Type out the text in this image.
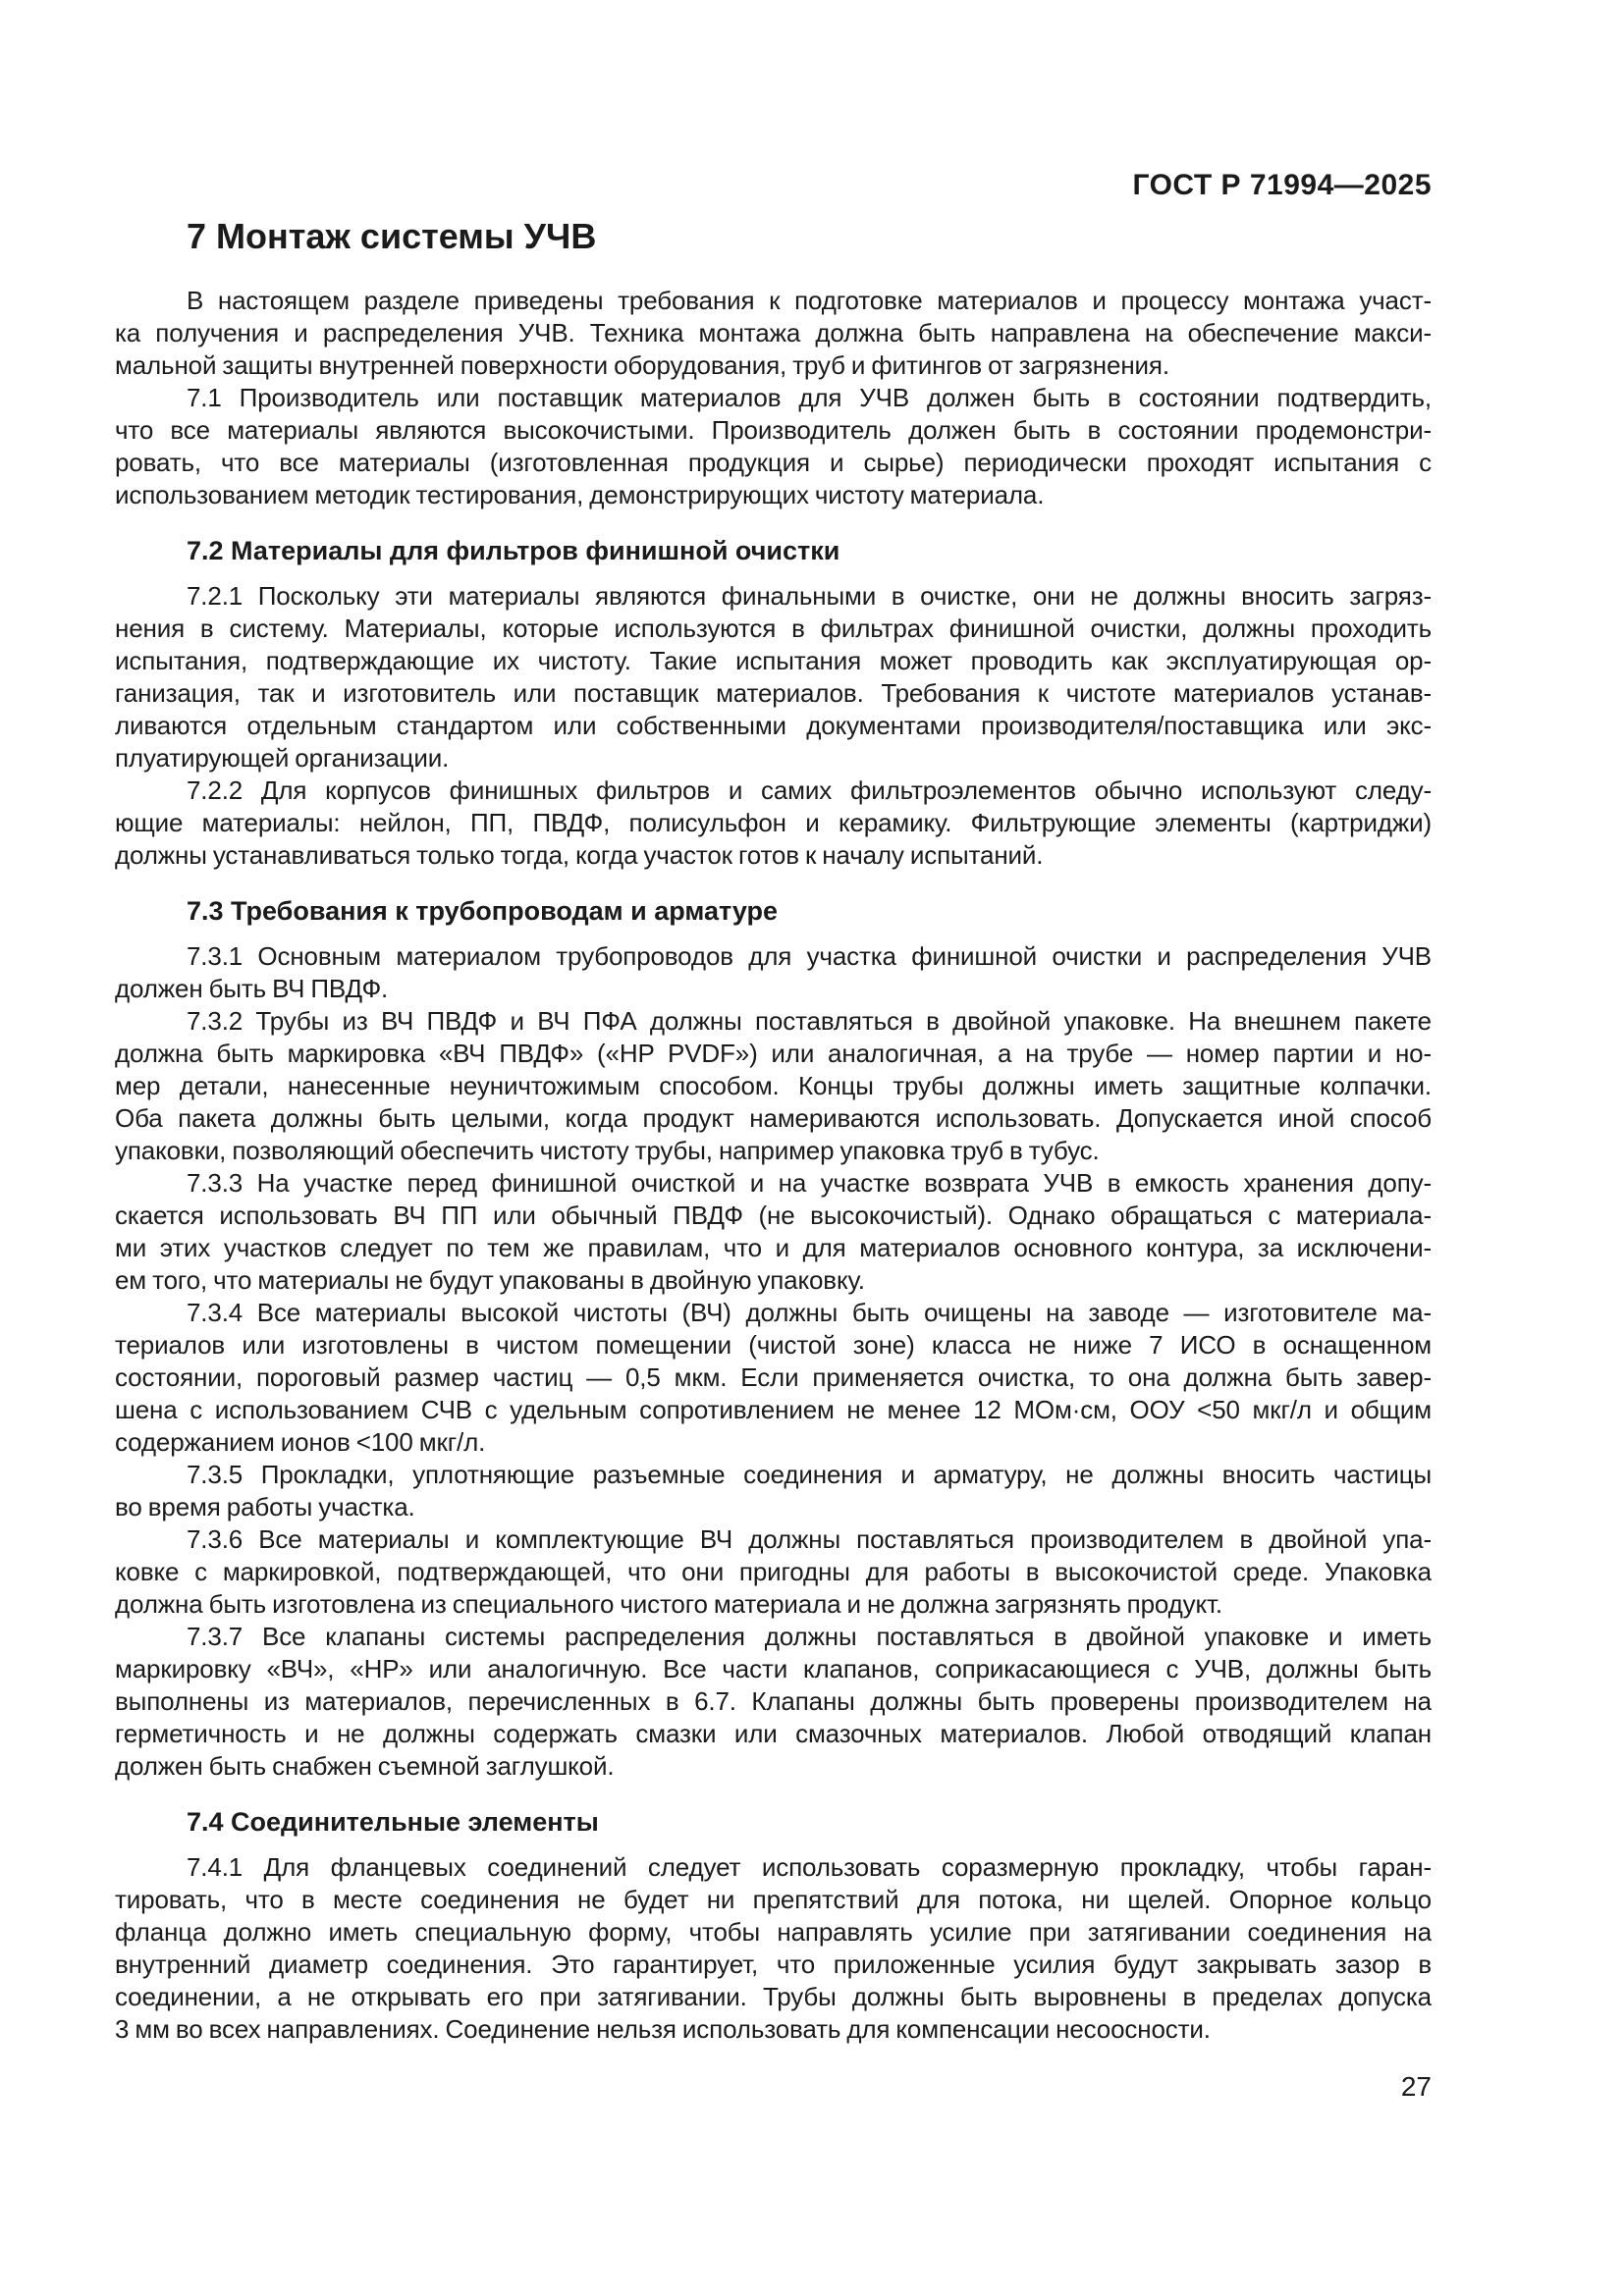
ГОСТ Р 71994—2025
7 Монтаж системы УЧВ
В настоящем разделе приведены требования к подготовке материалов и процессу монтажа участ-
ка получения и распределения УЧВ. Техника монтажа должна быть направлена на обеспечение макси-
мальной защиты внутренней поверхности оборудования, труб и фитингов от загрязнения.
7.1 Производитель или поставщик материалов для УЧВ должен быть в состоянии подтвердить,
что все материалы являются высокочистыми. Производитель должен быть в состоянии продемонстри-
ровать, что все материалы (изготовленная продукция и сырье) периодически проходят испытания с
использованием методик тестирования, демонстрирующих чистоту материала.
7.2 Материалы для фильтров финишной очистки
7.2.1 Поскольку эти материалы являются финальными в очистке, они не должны вносить загряз-
нения в систему. Материалы, которые используются в фильтрах финишной очистки, должны проходить
испытания, подтверждающие их чистоту. Такие испытания может проводить как эксплуатирующая ор-
ганизация, так и изготовитель или поставщик материалов. Требования к чистоте материалов устанав-
ливаются отдельным стандартом или собственными документами производителя/поставщика или экс-
плуатирующей организации.
7.2.2 Для корпусов финишных фильтров и самих фильтроэлементов обычно используют следу-
ющие материалы: нейлон, ПП, ПВДФ, полисульфон и керамику. Фильтрующие элементы (картриджи)
должны устанавливаться только тогда, когда участок готов к началу испытаний.
7.3 Требования к трубопроводам и арматуре
7.3.1 Основным материалом трубопроводов для участка финишной очистки и распределения УЧВ
должен быть ВЧ ПВДФ.
7.3.2 Трубы из ВЧ ПВДФ и ВЧ ПФА должны поставляться в двойной упаковке. На внешнем пакете
должна быть маркировка «ВЧ ПВДФ» («HP PVDF») или аналогичная, а на трубе — номер партии и но-
мер детали, нанесенные неуничтожимым способом. Концы трубы должны иметь защитные колпачки.
Оба пакета должны быть целыми, когда продукт намериваются использовать. Допускается иной способ
упаковки, позволяющий обеспечить чистоту трубы, например упаковка труб в тубус.
7.3.3 На участке перед финишной очисткой и на участке возврата УЧВ в емкость хранения допу-
скается использовать ВЧ ПП или обычный ПВДФ (не высокочистый). Однако обращаться с материала-
ми этих участков следует по тем же правилам, что и для материалов основного контура, за исключени-
ем того, что материалы не будут упакованы в двойную упаковку.
7.3.4 Все материалы высокой чистоты (ВЧ) должны быть очищены на заводе — изготовителе ма-
териалов или изготовлены в чистом помещении (чистой зоне) класса не ниже 7 ИСО в оснащенном
состоянии, пороговый размер частиц — 0,5 мкм. Если применяется очистка, то она должна быть завер-
шена с использованием СЧВ с удельным сопротивлением не менее 12 МОм·см, ООУ <50 мкг/л и общим
содержанием ионов <100 мкг/л.
7.3.5 Прокладки, уплотняющие разъемные соединения и арматуру, не должны вносить частицы
во время работы участка.
7.3.6 Все материалы и комплектующие ВЧ должны поставляться производителем в двойной упа-
ковке с маркировкой, подтверждающей, что они пригодны для работы в высокочистой среде. Упаковка
должна быть изготовлена из специального чистого материала и не должна загрязнять продукт.
7.3.7 Все клапаны системы распределения должны поставляться в двойной упаковке и иметь
маркировку «ВЧ», «HP» или аналогичную. Все части клапанов, соприкасающиеся с УЧВ, должны быть
выполнены из материалов, перечисленных в 6.7. Клапаны должны быть проверены производителем на
герметичность и не должны содержать смазки или смазочных материалов. Любой отводящий клапан
должен быть снабжен съемной заглушкой.
7.4 Соединительные элементы
7.4.1 Для фланцевых соединений следует использовать соразмерную прокладку, чтобы гаран-
тировать, что в месте соединения не будет ни препятствий для потока, ни щелей. Опорное кольцо
фланца должно иметь специальную форму, чтобы направлять усилие при затягивании соединения на
внутренний диаметр соединения. Это гарантирует, что приложенные усилия будут закрывать зазор в
соединении, а не открывать его при затягивании. Трубы должны быть выровнены в пределах допуска
3 мм во всех направлениях. Соединение нельзя использовать для компенсации несоосности.
27
